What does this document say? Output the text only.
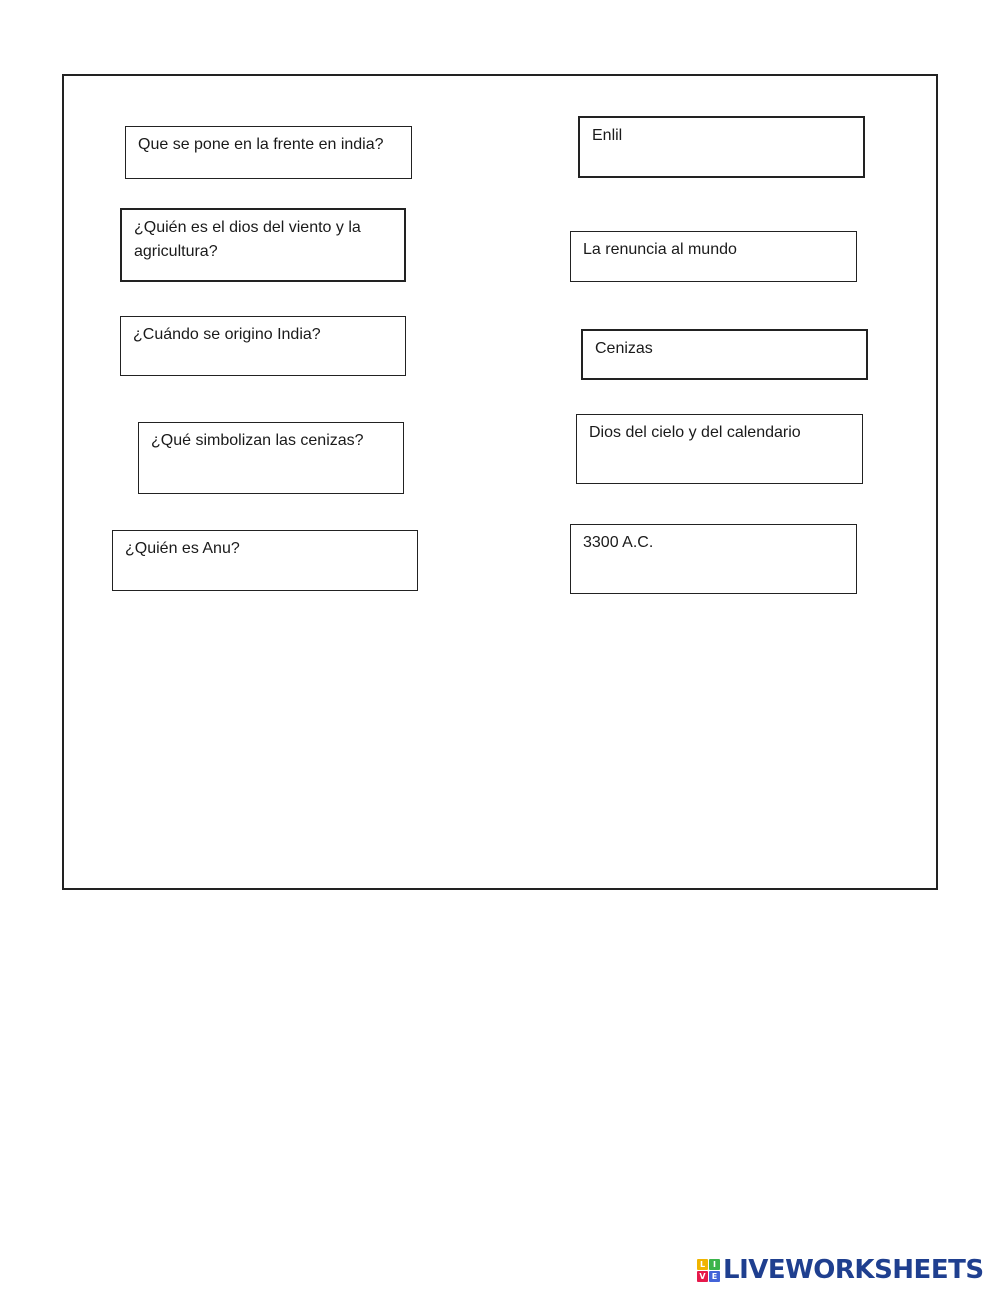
Que se pone en la frente en india?
¿Quién es el dios del viento y la agricultura?
¿Cuándo se origino India?
¿Qué simbolizan las cenizas?
¿Quién es Anu?
Enlil
La renuncia al mundo
Cenizas
Dios del cielo y del calendario
3300 A.C.
L I
V E LIVEWORKSHEETS
